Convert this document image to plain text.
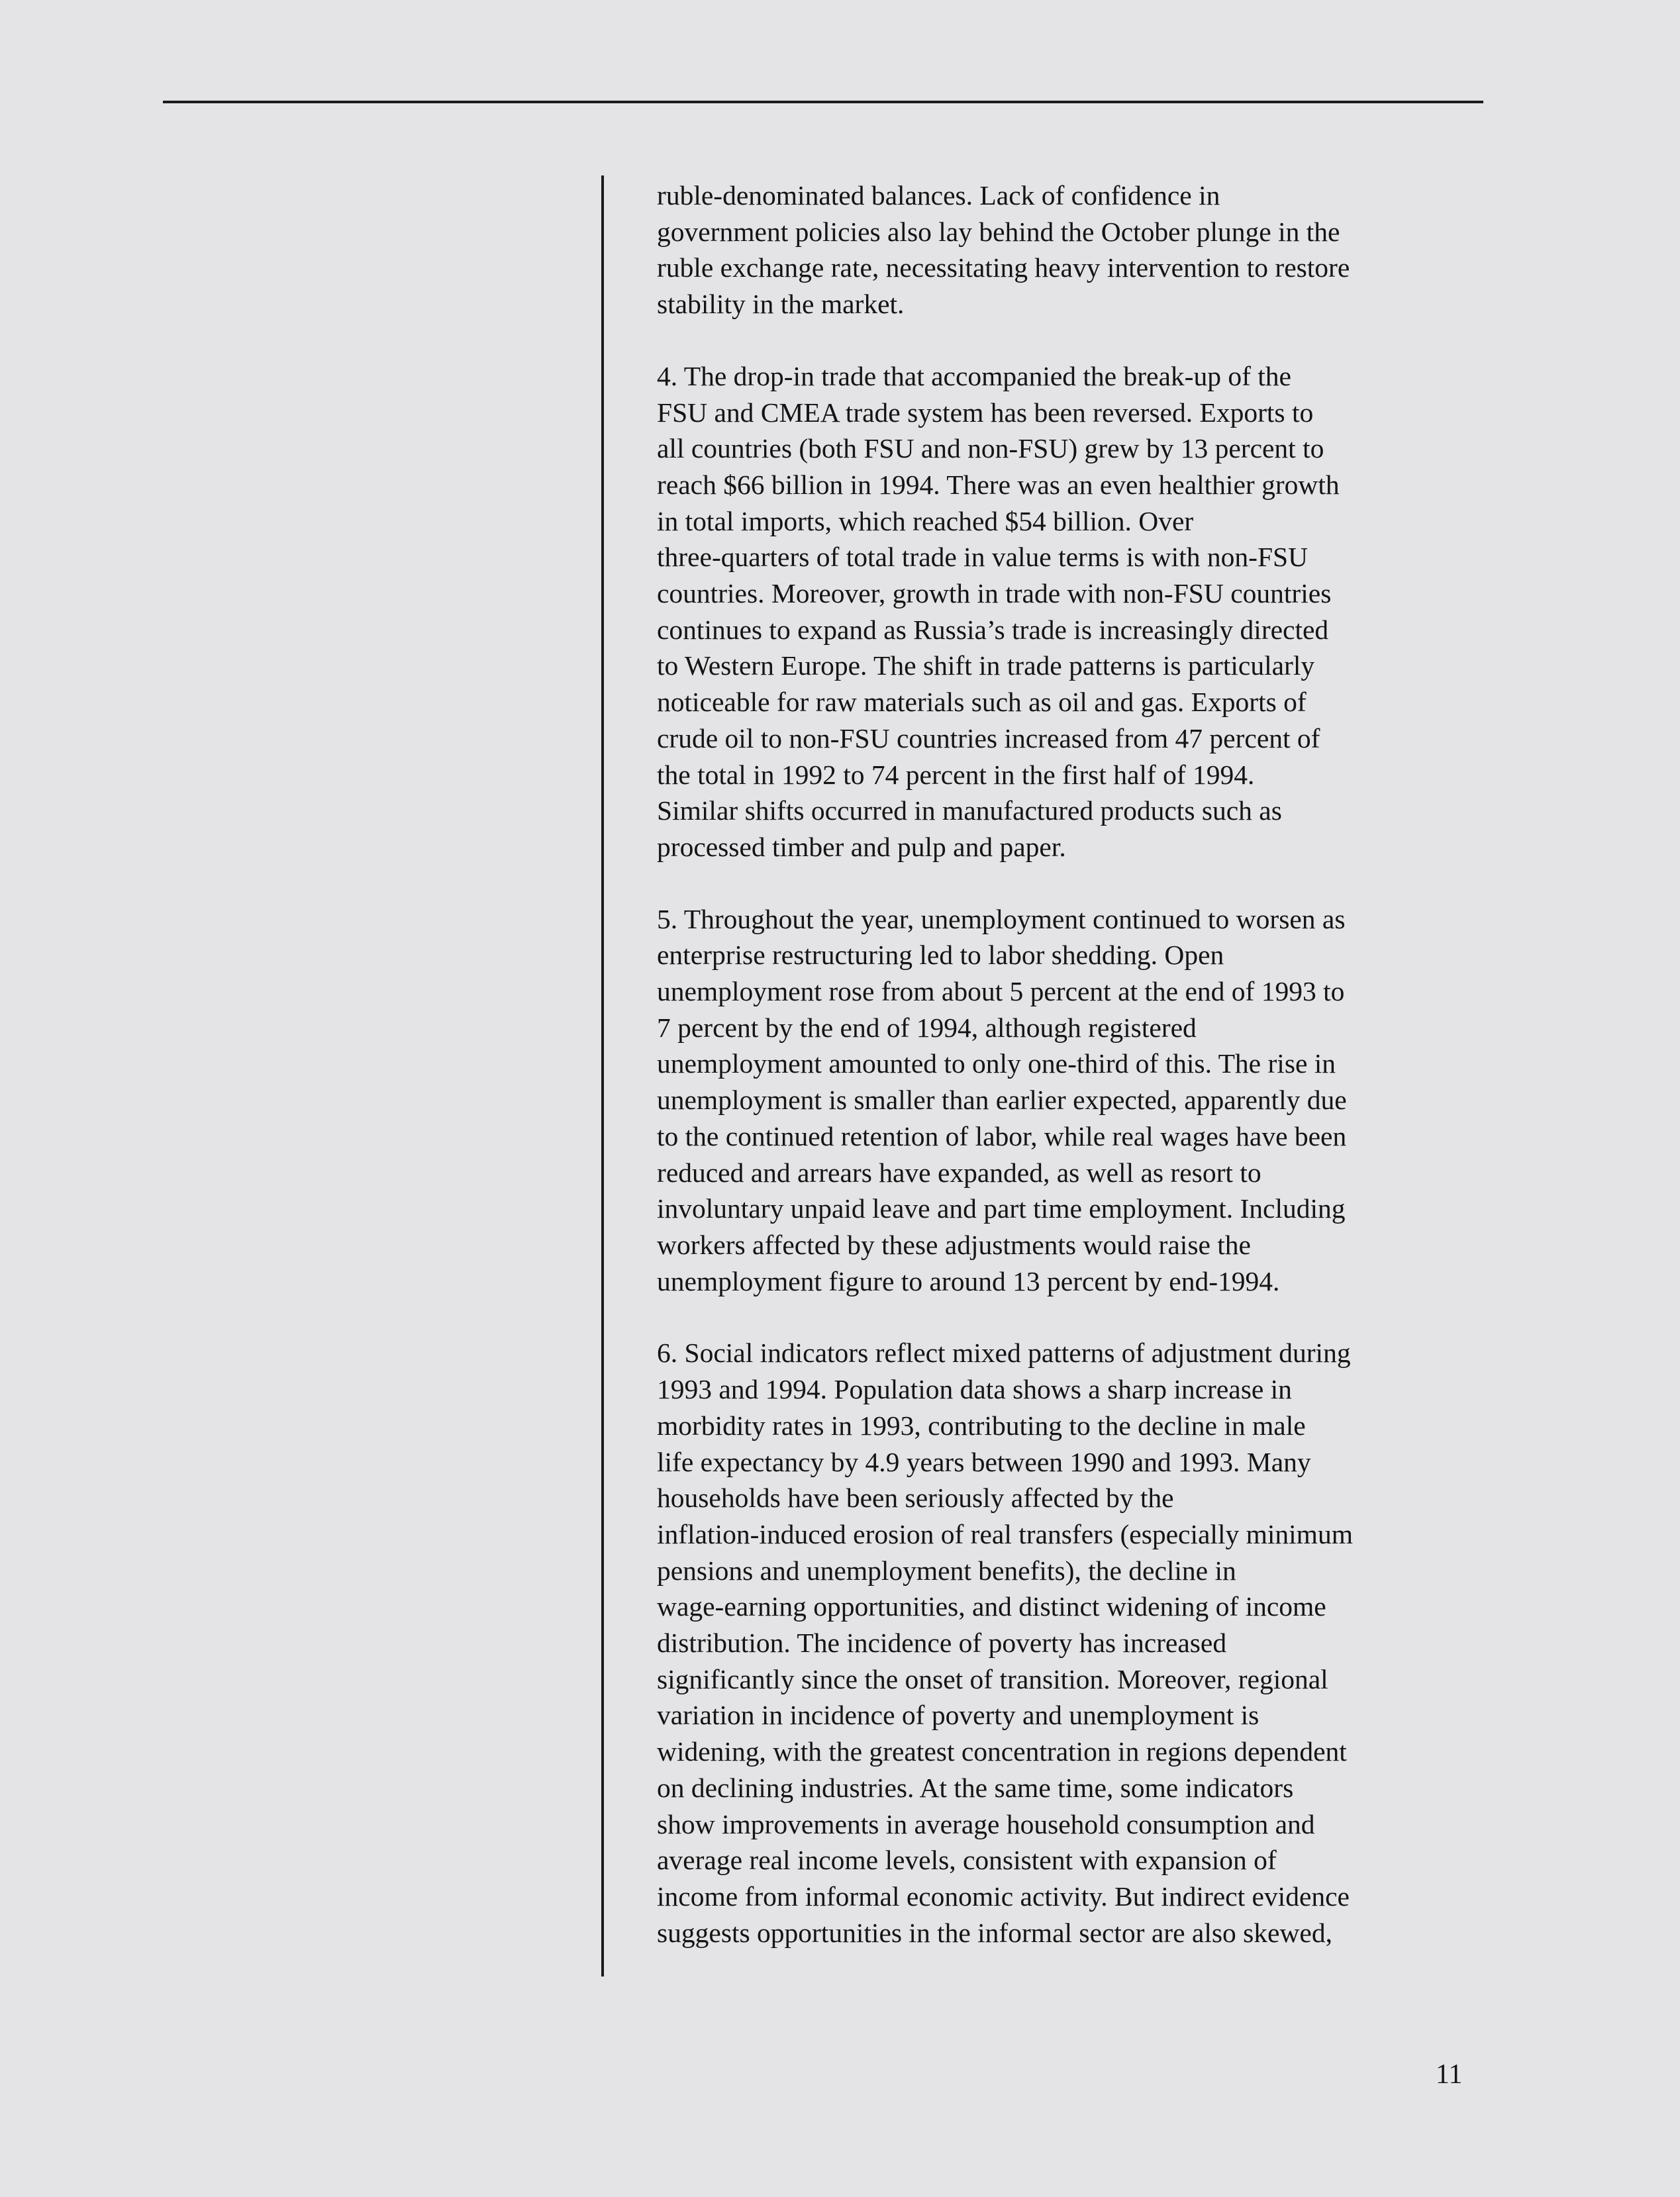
ruble-denominated balances. Lack of confidence in
government policies also lay behind the October plunge in the
ruble exchange rate, necessitating heavy intervention to restore
stability in the market.
4. The drop-in trade that accompanied the break-up of the
FSU and CMEA trade system has been reversed. Exports to
all countries (both FSU and non-FSU) grew by 13 percent to
reach $66 billion in 1994. There was an even healthier growth
in total imports, which reached $54 billion. Over
three-quarters of total trade in value terms is with non-FSU
countries. Moreover, growth in trade with non-FSU countries
continues to expand as Russia’s trade is increasingly directed
to Western Europe. The shift in trade patterns is particularly
noticeable for raw materials such as oil and gas. Exports of
crude oil to non-FSU countries increased from 47 percent of
the total in 1992 to 74 percent in the first half of 1994.
Similar shifts occurred in manufactured products such as
processed timber and pulp and paper.
5. Throughout the year, unemployment continued to worsen as
enterprise restructuring led to labor shedding. Open
unemployment rose from about 5 percent at the end of 1993 to
7 percent by the end of 1994, although registered
unemployment amounted to only one-third of this. The rise in
unemployment is smaller than earlier expected, apparently due
to the continued retention of labor, while real wages have been
reduced and arrears have expanded, as well as resort to
involuntary unpaid leave and part time employment. Including
workers affected by these adjustments would raise the
unemployment figure to around 13 percent by end-1994.
6. Social indicators reflect mixed patterns of adjustment during
1993 and 1994. Population data shows a sharp increase in
morbidity rates in 1993, contributing to the decline in male
life expectancy by 4.9 years between 1990 and 1993. Many
households have been seriously affected by the
inflation-induced erosion of real transfers (especially minimum
pensions and unemployment benefits), the decline in
wage-earning opportunities, and distinct widening of income
distribution. The incidence of poverty has increased
significantly since the onset of transition. Moreover, regional
variation in incidence of poverty and unemployment is
widening, with the greatest concentration in regions dependent
on declining industries. At the same time, some indicators
show improvements in average household consumption and
average real income levels, consistent with expansion of
income from informal economic activity. But indirect evidence
suggests opportunities in the informal sector are also skewed,
11
